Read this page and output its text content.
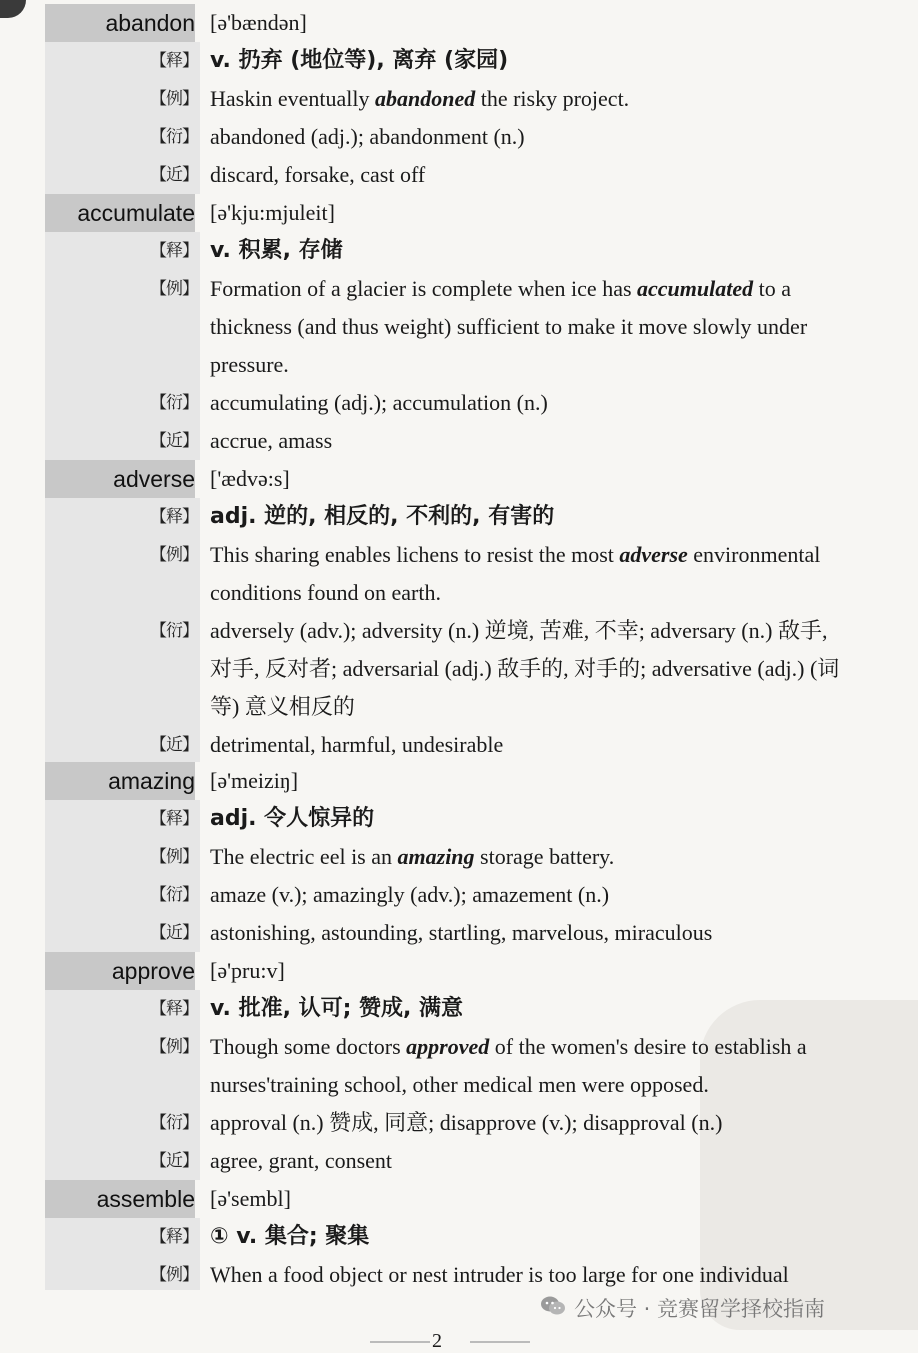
abandon [ə'bændən]
【释】 v. 扔弃 (地位等), 离弃 (家园)
【例】 Haskin eventually abandoned the risky project.
【衍】 abandoned (adj.); abandonment (n.)
【近】 discard, forsake, cast off
accumulate [ə'kju:mjuleit]
【释】 v. 积累, 存储
【例】 Formation of a glacier is complete when ice has accumulated to a thickness (and thus weight) sufficient to make it move slowly under pressure.
【衍】 accumulating (adj.); accumulation (n.)
【近】 accrue, amass
adverse ['ædvə:s]
【释】 adj. 逆的, 相反的, 不利的, 有害的
【例】 This sharing enables lichens to resist the most adverse environmental conditions found on earth.
【衍】 adversely (adv.); adversity (n.) 逆境, 苦难, 不幸; adversary (n.) 敌手, 对手, 反对者; adversarial (adj.) 敌手的, 对手的; adversative (adj.) (词等) 意义相反的
【近】 detrimental, harmful, undesirable
amazing [ə'meiziŋ]
【释】 adj. 令人惊异的
【例】 The electric eel is an amazing storage battery.
【衍】 amaze (v.); amazingly (adv.); amazement (n.)
【近】 astonishing, astounding, startling, marvelous, miraculous
approve [ə'pru:v]
【释】 v. 批准, 认可; 赞成, 满意
【例】 Though some doctors approved of the women's desire to establish a nurses'training school, other medical men were opposed.
【衍】 approval (n.) 赞成, 同意; disapprove (v.); disapproval (n.)
【近】 agree, grant, consent
assemble [ə'sembl]
【释】 ① v. 集合; 聚集
【例】 When a food object or nest intruder is too large for one individual
公众号 · 竞赛留学择校指南
2
